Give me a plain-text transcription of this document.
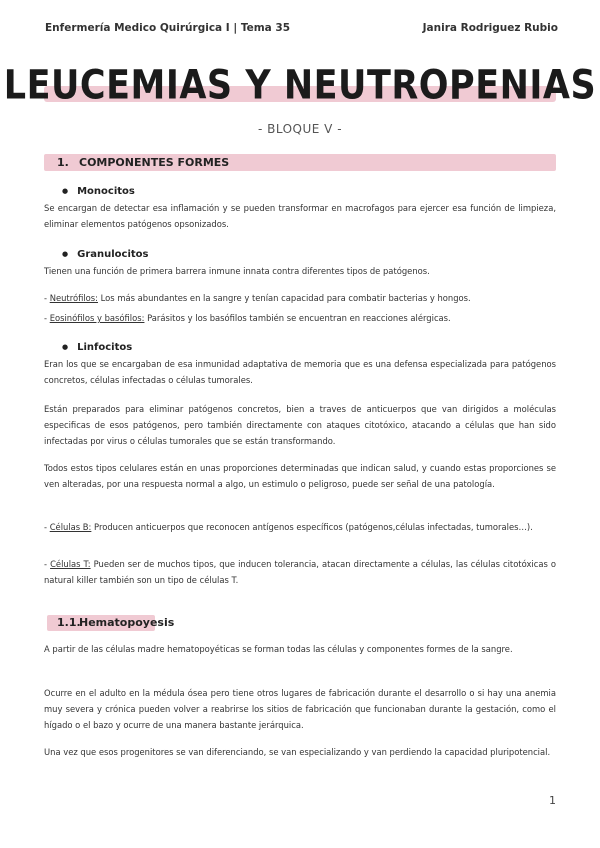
Enfermería Medico Quirúrgica I | Tema 35	Janira Rodriguez Rubio
LEUCEMIAS Y NEUTROPENIAS
- BLOQUE V -
1. COMPONENTES FORMES
● Monocitos
Se encargan de detectar esa inflamación y se pueden transformar en macrofagos para ejercer esa función de limpieza, eliminar elementos patógenos opsonizados.
● Granulocitos
Tienen una función de primera barrera inmune innata contra diferentes tipos de patógenos.
- Neutrófilos: Los más abundantes en la sangre y tenían capacidad para combatir bacterias y hongos.
- Eosinófilos y basófilos: Parásitos y los basófilos también se encuentran en reacciones alérgicas.
● Linfocitos
Eran los que se encargaban de esa inmunidad adaptativa de memoria que es una defensa especializada para patógenos concretos, células infectadas o células tumorales.
Están preparados para eliminar patógenos concretos, bien a traves de anticuerpos que van dirigidos a moléculas especificas de esos patógenos, pero también directamente con ataques citotóxico, atacando a células que han sido infectadas por virus o células tumorales que se están transformando.
Todos estos tipos celulares están en unas proporciones determinadas que indican salud, y cuando estas proporciones se ven alteradas, por una respuesta normal a algo, un estimulo o peligroso, puede ser señal de una patología.
- Células B: Producen anticuerpos que reconocen antígenos específicos (patógenos,células infectadas, tumorales…).
- Células T: Pueden ser de muchos tipos, que inducen tolerancia, atacan directamente a células, las células citotóxicas o natural killer también son un tipo de células T.
1.1.Hematopoyesis
A partir de las células madre hematopoyéticas se forman todas las células y componentes formes de la sangre.
Ocurre en el adulto en la médula ósea pero tiene otros lugares de fabricación durante el desarrollo o si hay una anemia muy severa y crónica pueden volver a reabrirse los sitios de fabricación que funcionaban durante la gestación, como el hígado o el bazo y ocurre de una manera bastante jerárquica.
Una vez que esos progenitores se van diferenciando, se van especializando y van perdiendo la capacidad pluripotencial.
1
